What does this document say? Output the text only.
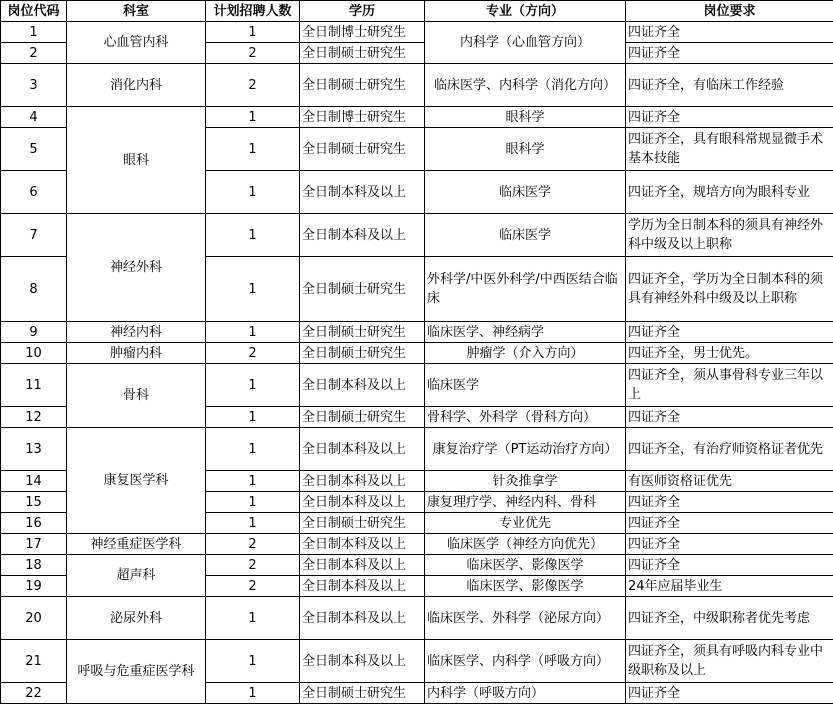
岗位代码	科室	计划招聘人数	学历	专业（方向）	岗位要求
1	心血管内科	1	全日制博士研究生	内科学（心血管方向）	四证齐全
2		2	全日制硕士研究生		四证齐全
3	消化内科	2	全日制硕士研究生	临床医学、内科学（消化方向）	四证齐全，有临床工作经验
4	眼科	1	全日制博士研究生	眼科学	四证齐全
5		1	全日制硕士研究生	眼科学	四证齐全，具有眼科常规显微手术基本技能
6		1	全日制本科及以上	临床医学	四证齐全，规培方向为眼科专业
7	神经外科	1	全日制本科及以上	临床医学	学历为全日制本科的须具有神经外科中级及以上职称
8		1	全日制硕士研究生	外科学/中医外科学/中西医结合临床	四证齐全，学历为全日制本科的须具有神经外科中级及以上职称
9	神经内科	1	全日制硕士研究生	临床医学、神经病学	四证齐全
10	肿瘤内科	2	全日制硕士研究生	肿瘤学（介入方向）	四证齐全，男士优先。
11	骨科	1	全日制本科及以上	临床医学	四证齐全，须从事骨科专业三年以上
12		1	全日制硕士研究生	骨科学、外科学（骨科方向）	四证齐全
13	康复医学科	1	全日制本科及以上	康复治疗学（PT运动治疗方向）	四证齐全，有治疗师资格证者优先
14		1	全日制本科及以上	针灸推拿学	有医师资格证优先
15		1	全日制本科及以上	康复理疗学、神经内科、骨科	四证齐全
16		1	全日制硕士研究生	专业优先	四证齐全
17	神经重症医学科	2	全日制本科及以上	临床医学（神经方向优先）	四证齐全
18	超声科	2	全日制本科及以上	临床医学、影像医学	四证齐全
19		2	全日制本科及以上	临床医学、影像医学	24年应届毕业生
20	泌尿外科	1	全日制本科及以上	临床医学、外科学（泌尿方向）	四证齐全，中级职称者优先考虑
21	呼吸与危重症医学科	1	全日制本科及以上	临床医学、内科学（呼吸方向）	四证齐全，须具有呼吸内科专业中级职称及以上
22		1	全日制硕士研究生	内科学（呼吸方向）	四证齐全
